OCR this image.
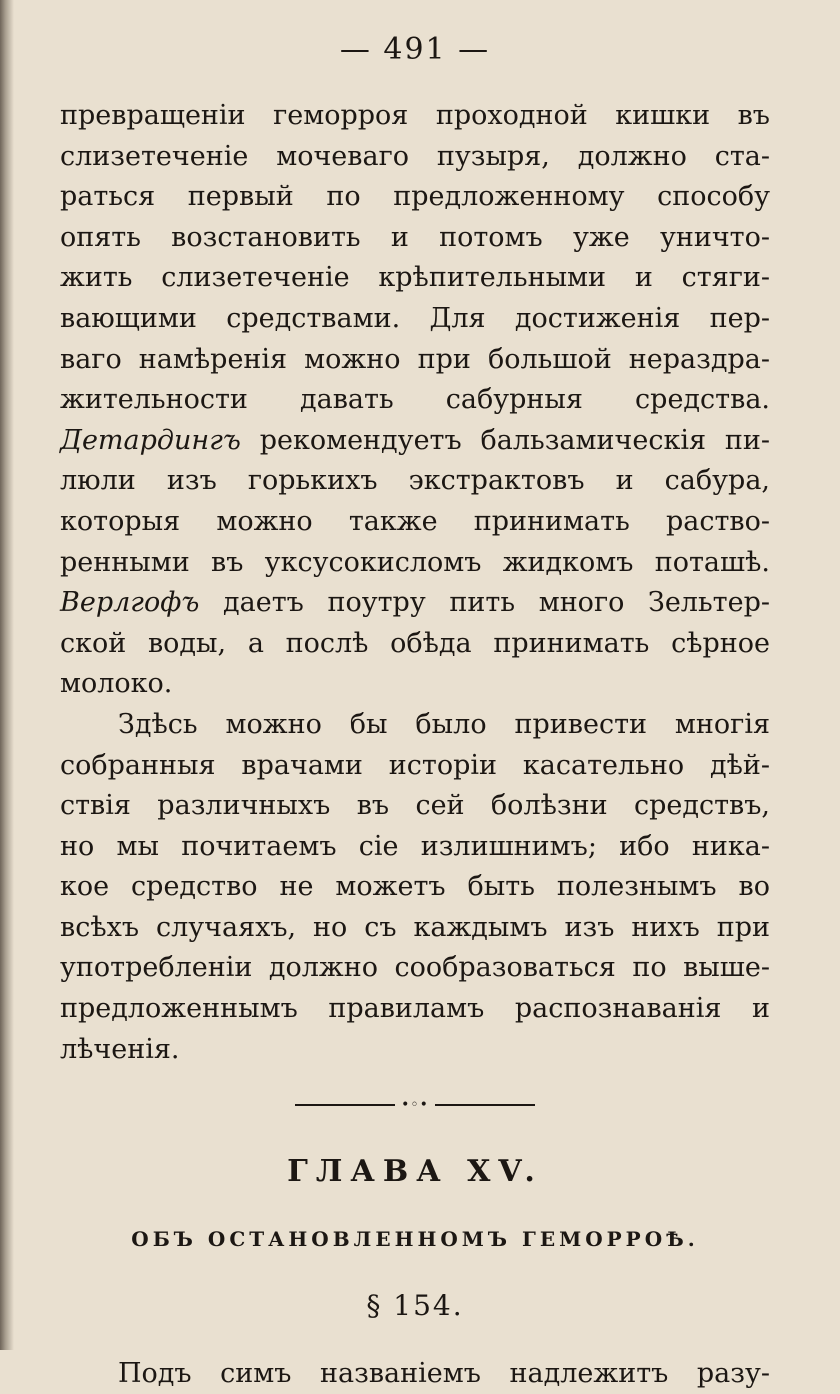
— 491 —
превращенiи геморроя проходной кишки въ
слизетеченiе мочеваго пузыря, должно ста-
раться первый по предложенному способу
опять возстановить и потомъ уже уничто-
жить слизетеченiе крѣпительными и стяги-
вающими средствами. Для достиженiя пер-
ваго намѣренiя можно при большой нераздра-
жительности давать сабурныя средства.
Детардингъ рекомендуетъ бальзамическiя пи-
люли изъ горькихъ экстрактовъ и сабура,
которыя можно также принимать раство-
ренными въ уксусокисломъ жидкомъ поташѣ.
Верлгофъ даетъ поутру пить много Зельтер-
ской воды, а послѣ обѣда принимать сѣрное
молоко.
Здѣсь можно бы было привести многiя
собранныя врачами исторiи касательно дѣй-
ствiя различныхъ въ сей болѣзни средствъ,
но мы почитаемъ сiе излишнимъ; ибо никa-
кое средство не можетъ быть полезнымъ во
всѣхъ случаяхъ, но съ каждымъ изъ нихъ при
употребленiи должно сообразоваться по выше-
предложеннымъ правиламъ распознаванiя и
лѣченiя.
•◦•
ГЛАВА XV.
ОБЪ ОСТАНОВЛЕННОМЪ ГЕМОРРОѢ.
§ 154.
Подъ симъ названiемъ надлежитъ разу-
